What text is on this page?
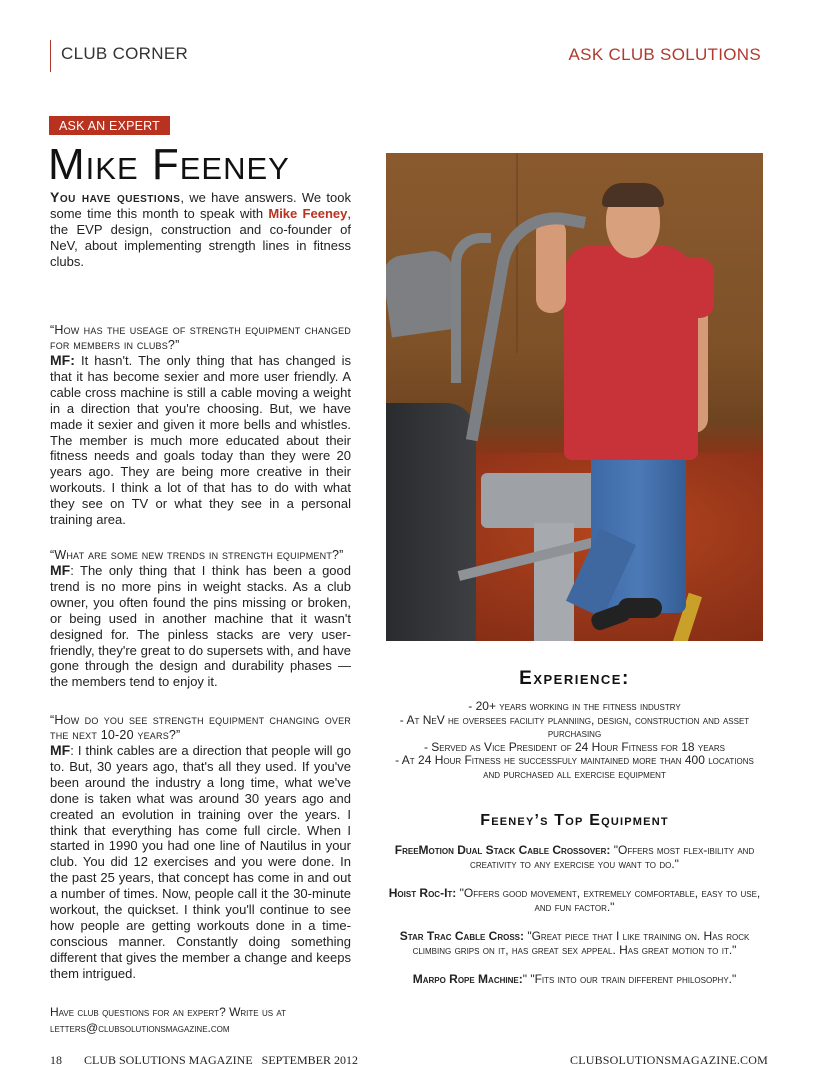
CLUB CORNER	ASK CLUB SOLUTIONS
ASK AN EXPERT
Mike Feeney

You have questions, we have answers. We took some time this month to speak with Mike Feeney, the EVP design, construction and co-founder of NeV, about implementing strength lines in fitness clubs.

“How has the useage of strength equipment changed for members in clubs?”

MF: It hasn't. The only thing that has changed is that it has become sexier and more user friendly. A cable cross machine is still a cable moving a weight in a direction that you're choosing. But, we have made it sexier and given it more bells and whistles. The member is much more educated about their fitness needs and goals today than they were 20 years ago. They are being more creative in their workouts. I think a lot of that has to do with what they see on TV or what they see in a personal training area.

“What are some new trends in strength equipment?”

MF: The only thing that I think has been a good trend is no more pins in weight stacks. As a club owner, you often found the pins missing or broken, or being used in another machine that it wasn't designed for. The pinless stacks are very user-friendly, they're great to do supersets with, and have gone through the design and durability phases — the members tend to enjoy it.

“How do you see strength equipment changing over the next 10-20 years?”

MF: I think cables are a direction that people will go to. But, 30 years ago, that's all they used. If you've been around the industry a long time, what we've done is taken what was around 30 years ago and created an evolution in training over the years. I think that everything has come full circle. When I started in 1990 you had one line of Nautilus in your club. You did 12 exercises and you were done. In the past 25 years, that concept has come in and out a number of times. Now, people call it the 30-minute workout, the quickset. I think you'll continue to see how people are getting workouts done in a time-conscious manner. Constantly doing something different that gives the member a change and keeps them intrigued.

Have club questions for an expert? Write us at letters@clubsolutionsmagazine.com

Experience:
- 20+ years working in the fitness industry
- At NeV he oversees facility planniing, design, construction and asset purchasing
- Served as Vice President of 24 Hour Fitness for 18 years
- At 24 Hour Fitness he successfuly maintained more than 400 locations and purchased all exercise equipment
Feeney’s Top Equipment
FreeMotion Dual Stack Cable Crossover: "Offers most flex-ibility and creativity to any exercise you want to do."
Hoist Roc-It: "Offers good movement, extremely comfortable, easy to use, and fun factor."
Star Trac Cable Cross: "Great piece that I like training on. Has rock climbing grips on it, has great sex appeal. Has great motion to it."
Marpo Rope Machine:" "Fits into our train different philosophy."
18 CLUB SOLUTIONS MAGAZINE   SEPTEMBER 2012	CLUBSOLUTIONSMAGAZINE.COM
